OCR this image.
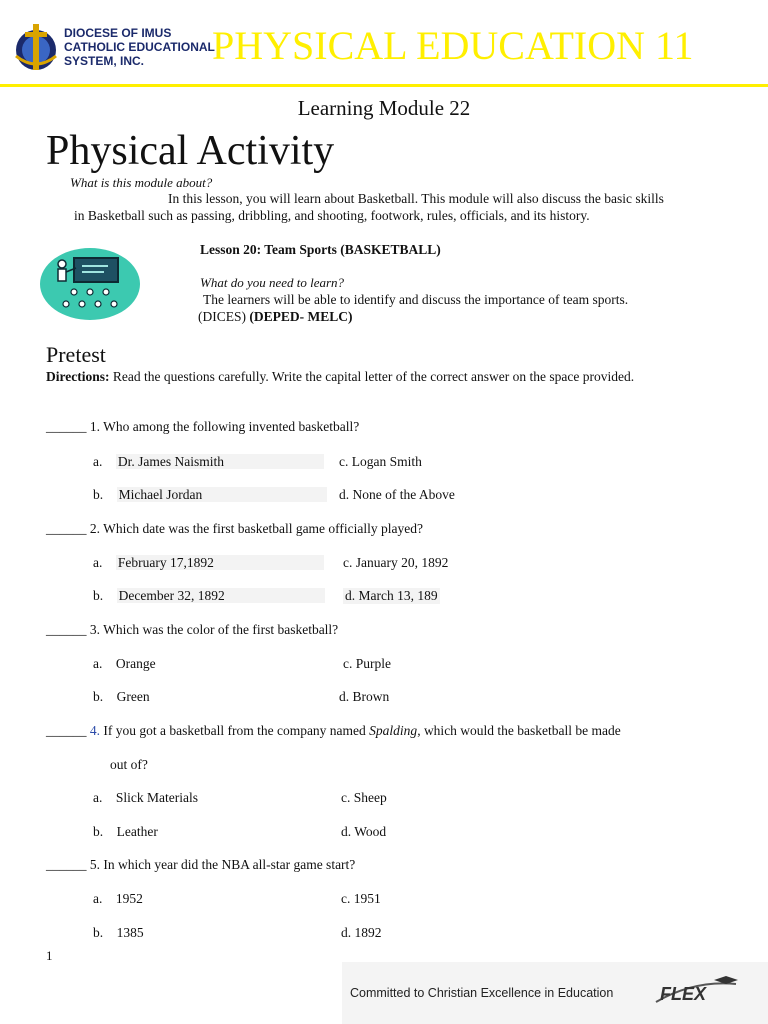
DIOCESE OF IMUS
CATHOLIC EDUCATIONAL
SYSTEM, INC.	PHYSICAL EDUCATION 11
Learning Module 22
Physical Activity
What is this module about?
In this lesson, you will learn about Basketball. This module will also discuss the basic skills
in Basketball such as passing, dribbling, and shooting, footwork, rules, officials, and its history.
Lesson 20: Team Sports (BASKETBALL)
What do you need to learn?
The learners will be able to identify and discuss the importance of team sports.
(DICES) (DEPED- MELC)
Pretest
Directions: Read the questions carefully. Write the capital letter of the correct answer on the space provided.
______ 1. Who among the following invented basketball?
a. Dr. James Naismith	c. Logan Smith
b. Michael Jordan	d. None of the Above
______ 2. Which date was the first basketball game officially played?
a. February 17,1892	c. January 20, 1892
b. December 32, 1892	d. March 13, 189
______ 3. Which was the color of the first basketball?
a. Orange	c. Purple
b. Green	d. Brown
______ 4. If you got a basketball from the company named Spalding, which would the basketball be made
out of?
a. Slick Materials	c. Sheep
b. Leather	d. Wood
______ 5. In which year did the NBA all-star game start?
a. 1952	c. 1951
b. 1385	d. 1892
1
Committed to Christian Excellence in Education	FLEX
